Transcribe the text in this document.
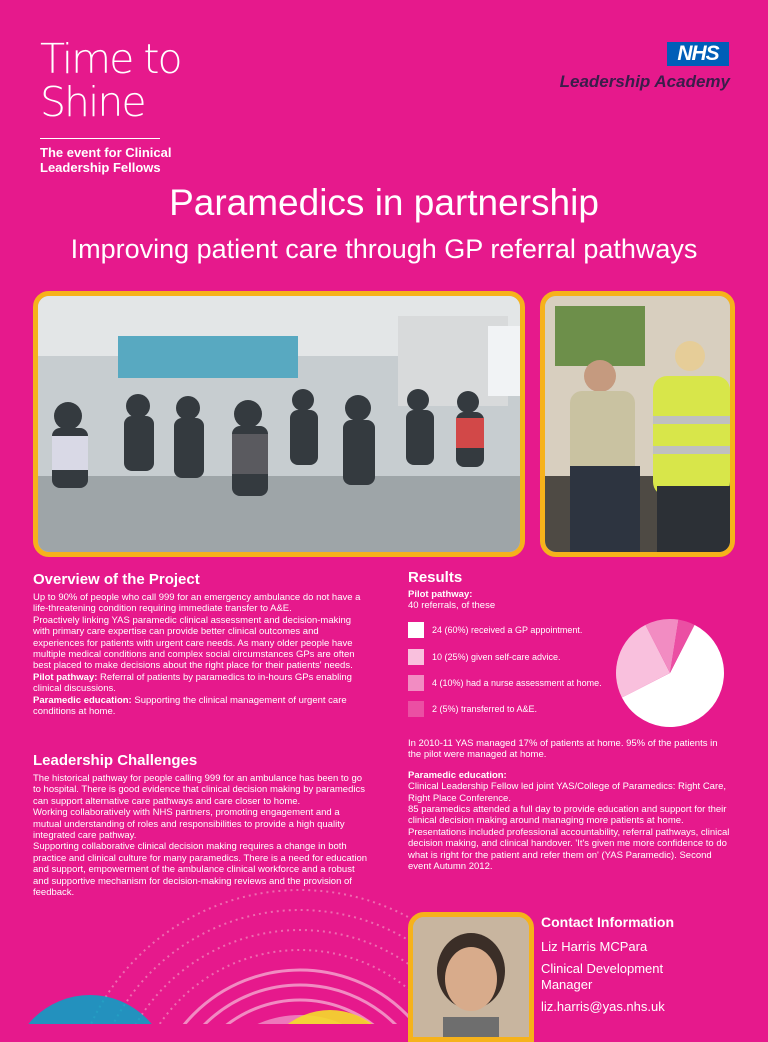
Time to
Shine
The event for Clinical Leadership Fellows
NHS
Leadership Academy
Paramedics in partnership
Improving patient care through GP referral pathways
Overview of the Project

Up to 90% of people who call 999 for an emergency ambulance do not have a life-threatening condition requiring immediate transfer to A&E.

Proactively linking YAS paramedic clinical assessment and decision-making with primary care expertise can provide better clinical outcomes and experiences for patients with urgent care needs. As many older people have multiple medical conditions and complex social circumstances GPs are often best placed to make decisions about the right place for their patients' needs.

Pilot pathway: Referral of patients by paramedics to in-hours GPs enabling clinical discussions.

Paramedic education: Supporting the clinical management of urgent care conditions at home.

Leadership Challenges

The historical pathway for people calling 999 for an ambulance has been to go to hospital. There is good evidence that clinical decision making by paramedics can support alternative care pathways and care closer to home.

Working collaboratively with NHS partners, promoting engagement and a mutual understanding of roles and responsibilities to provide a high quality integrated care pathway.

Supporting collaborative clinical decision making requires a change in both practice and clinical culture for many paramedics. There is a need for education and support, empowerment of the ambulance clinical workforce and a robust and supportive mechanism for decision-making reviews and the provision of feedback.

Results

Pilot pathway:

40 referrals, of these

24 (60%) received a GP appointment.
10 (25%) given self-care advice.
4 (10%) had a nurse assessment at home.
2 (5%) transferred to A&E.

In 2010-11 YAS managed 17% of patients at home. 95% of the patients in the pilot were managed at home.

Paramedic education:

Clinical Leadership Fellow led joint YAS/College of Paramedics: Right Care, Right Place Conference.

85 paramedics attended a full day to provide education and support for their clinical decision making around managing more patients at home. Presentations included professional accountability, referral pathways, clinical decision making, and clinical handover. 'It's given me more confidence to do what is right for the patient and refer them on' (YAS Paramedic). Second event Autumn 2012.

Contact Information
Liz Harris MCPara
Clinical Development Manager
liz.harris@yas.nhs.uk
